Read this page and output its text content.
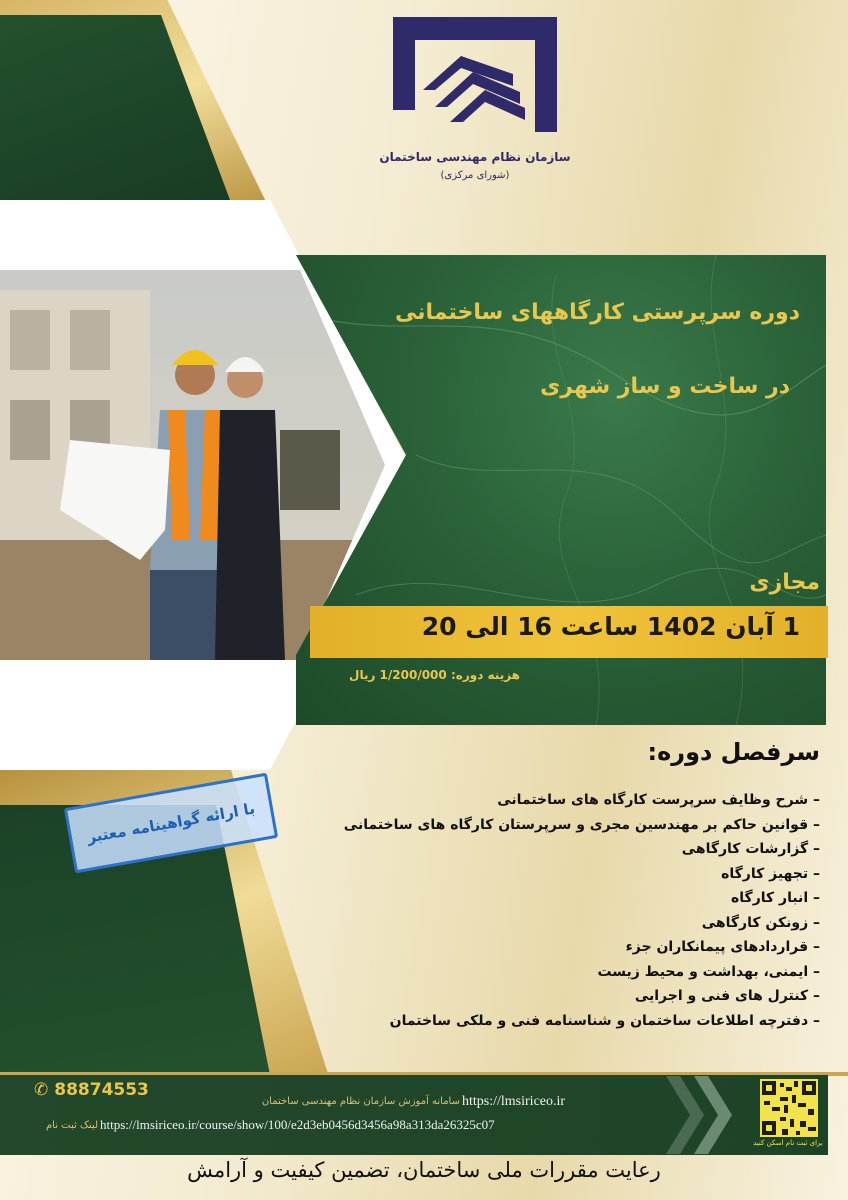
سازمان نظام مهندسی ساختمان
(شورای مرکزی)
دوره سرپرستی کارگاههای ساختمانی
در ساخت و ساز شهری
مجازی
1 آبان 1402 ساعت 16 الی 20
هزینه دوره: 1/200/000 ریال
با ارائه گواهینامه معتبر
سرفصل دوره:
– شرح وظایف سرپرست کارگاه های ساختمانی
– قوانین حاکم بر مهندسین مجری و سرپرستان کارگاه های ساختمانی
– گزارشات کارگاهی
– تجهیز کارگاه
– انبار کارگاه
– زونکن کارگاهی
– قراردادهای پیمانکاران جزء
– ایمنی، بهداشت و محیط زیست
– کنترل های فنی و اجرایی
– دفترچه اطلاعات ساختمان و شناسنامه فنی و ملکی ساختمان
✆ 88874553
https://lmsiriceo.ir
سامانه آموزش سازمان نظام مهندسی ساختمان
https://lmsiriceo.ir/course/show/100/e2d3eb0456d3456a98a313da26325c07
لینک ثبت نام
برای ثبت نام اسکن کنید
رعایت مقررات ملی ساختمان، تضمین کیفیت و آرامش
